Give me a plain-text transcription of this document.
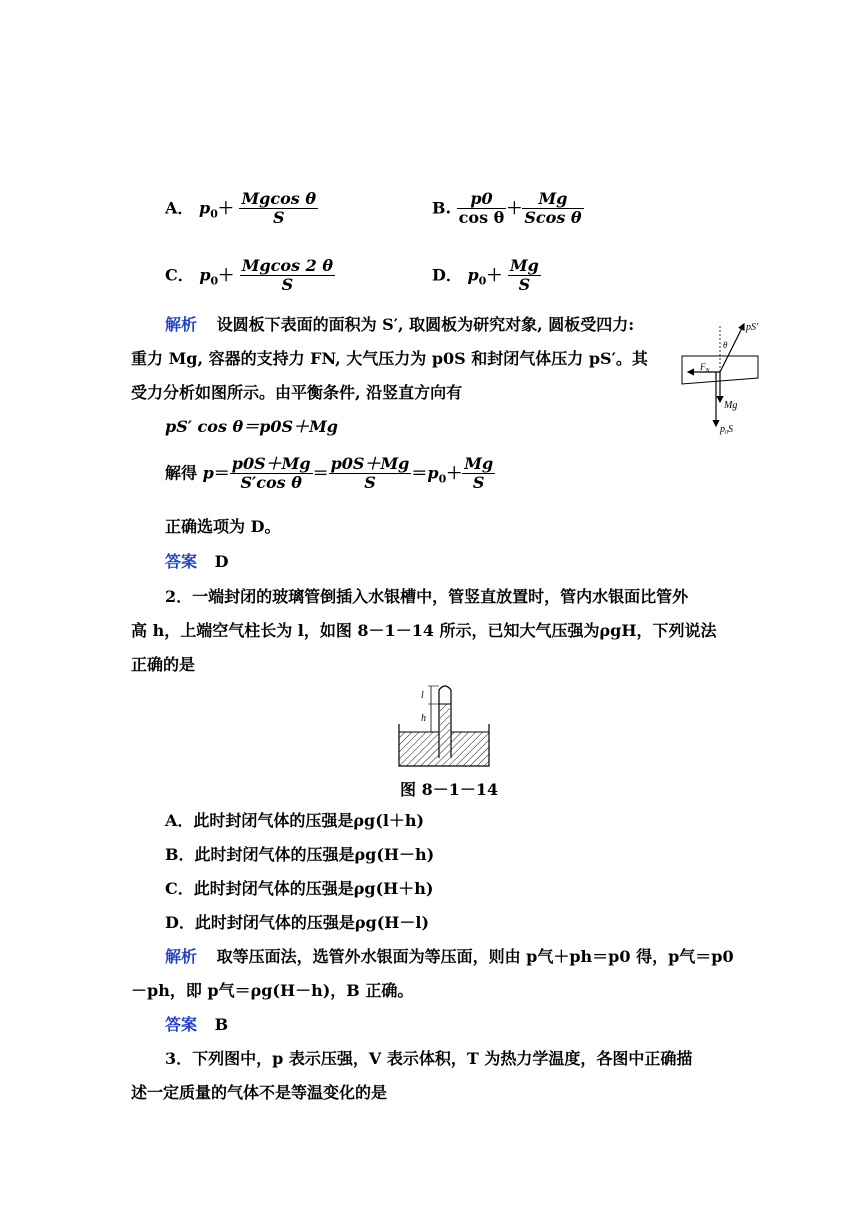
A． $p_0+ \frac{\text{Mgcos θ}}{S}$	B. $\frac{p0}{\text{cos θ}} + \frac{Mg}{\text{Scos θ}}$
C． $p_0+ \frac{Mgcos 2 \theta}{S}$	D． $p_0+ \frac{Mg}{S}$
解析 设圆板下表面的面积为 S′, 取圆板为研究对象, 圆板受四力:
重力 Mg, 容器的支持力 FN, 大气压力为 p0S 和封闭气体压力 pS′。其
受力分析如图所示。由平衡条件, 沿竖直方向有
pS′ cos θ＝p0S＋Mg
解得 $p= \frac{p0S+Mg}{\text{S′cos θ}} = \frac{p0S+Mg}{S} =p_0+ \frac{Mg}{S}$
正确选项为 D。
答案 D
pS′
θ
$F_N$
Mg
$p_0S$
2．一端封闭的玻璃管倒插入水银槽中，管竖直放置时，管内水银面比管外
高 h，上端空气柱长为 l，如图 8－1－14 所示，已知大气压强为ρgH，下列说法
正确的是
l
h
图 8－1－14
A．此时封闭气体的压强是ρg(l＋h)
B．此时封闭气体的压强是ρg(H－h)
C．此时封闭气体的压强是ρg(H＋h)
D．此时封闭气体的压强是ρg(H－l)
解析 取等压面法，选管外水银面为等压面，则由 p气＋ph＝p0 得，p气＝p0
－ph，即 p气＝ρg(H－h)，B 正确。
答案 B
3．下列图中，p 表示压强，V 表示体积，T 为热力学温度，各图中正确描
述一定质量的气体不是等温变化的是
